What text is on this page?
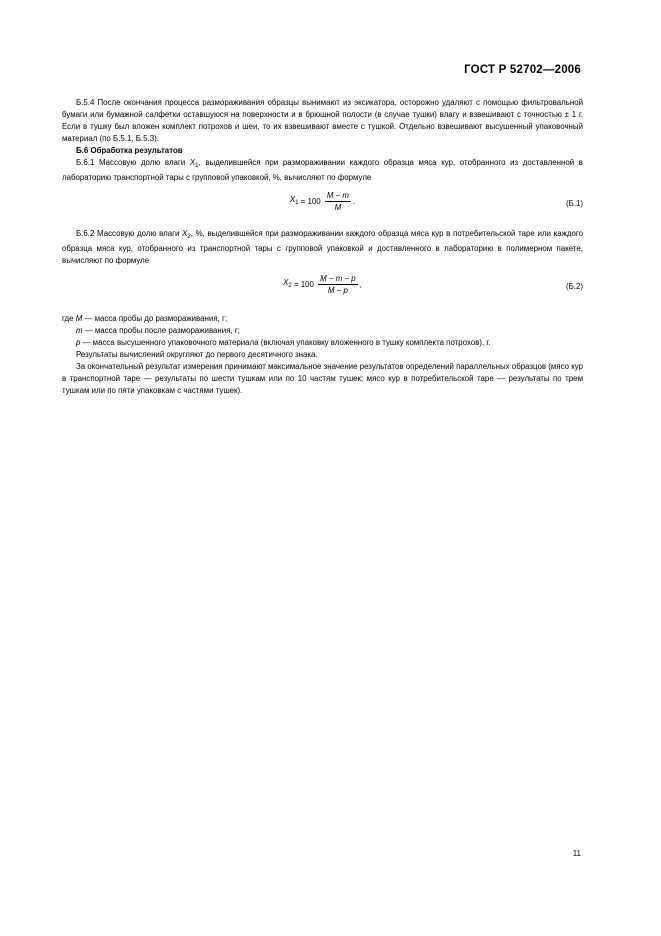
ГОСТ Р 52702—2006

Б.5.4 После окончания процесса размораживания образцы вынимают из эксикатора, осторожно удаляют с помощью фильтровальной бумаги или бумажной салфетки оставшуюся на поверхности и в брюшной полости (в случае тушки) влагу и взвешивают с точностью ± 1 г. Если в тушку был вложен комплект потрохов и шеи, то их взвешивают вместе с тушкой. Отдельно взвешивают высушенный упаковочный материал (по Б.5.1, Б.5.3).

Б.6 Обработка результатов

Б.6.1 Массовую долю влаги $X_1$, выделившейся при размораживании каждого образца мяса кур, отобранного из доставленной в лабораторию транспортной тары с групповой упаковкой, %, вычисляют по формуле

$X_1 = 100 \frac{M - m}{M}$ .	(Б.1)

Б.6.2 Массовую долю влаги $X_2$, %, выделившейся при размораживании каждого образца мяса кур в потребительской таре или каждого образца мяса кур, отобранного из транспортной тары с групповой упаковкой и доставленного в лабораторию в полимерном пакете, вычисляют по формуле

$X_2 = 100 \frac{M - m - p}{M - p}$ ,	(Б.2)

где M — масса пробы до размораживания, г;

m — масса пробы после размораживания, г;

p — масса высушенного упаковочного материала (включая упаковку вложенного в тушку комплекта потрохов), г.

Результаты вычислений округляют до первого десятичного знака.

За окончательный результат измерения принимают максимальное значение результатов определений параллельных образцов (мясо кур в транспортной таре — результаты по шести тушкам или по 10 частям тушек; мясо кур в потребительской таре — результаты по трем тушкам или по пяти упаковкам с частями тушек).

11
